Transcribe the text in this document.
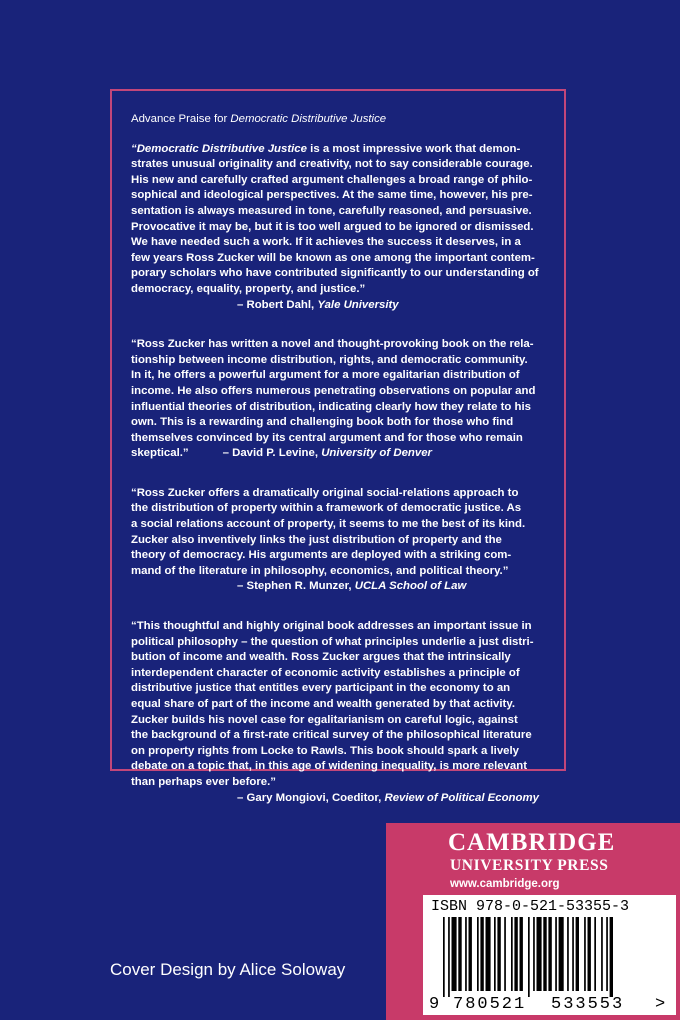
Advance Praise for Democratic Distributive Justice
“Democratic Distributive Justice is a most impressive work that demon-
strates unusual originality and creativity, not to say considerable courage.
His new and carefully crafted argument challenges a broad range of philo-
sophical and ideological perspectives. At the same time, however, his pre-
sentation is always measured in tone, carefully reasoned, and persuasive.
Provocative it may be, but it is too well argued to be ignored or dismissed.
We have needed such a work. If it achieves the success it deserves, in a
few years Ross Zucker will be known as one among the important contem-
porary scholars who have contributed significantly to our understanding of
democracy, equality, property, and justice.”
– Robert Dahl, Yale University
“Ross Zucker has written a novel and thought-provoking book on the rela-
tionship between income distribution, rights, and democratic community.
In it, he offers a powerful argument for a more egalitarian distribution of
income. He also offers numerous penetrating observations on popular and
influential theories of distribution, indicating clearly how they relate to his
own. This is a rewarding and challenging book both for those who find
themselves convinced by its central argument and for those who remain
skeptical.”	– David P. Levine, University of Denver
“Ross Zucker offers a dramatically original social-relations approach to
the distribution of property within a framework of democratic justice. As
a social relations account of property, it seems to me the best of its kind.
Zucker also inventively links the just distribution of property and the
theory of democracy. His arguments are deployed with a striking com-
mand of the literature in philosophy, economics, and political theory.”
– Stephen R. Munzer, UCLA School of Law
“This thoughtful and highly original book addresses an important issue in
political philosophy – the question of what principles underlie a just distri-
bution of income and wealth. Ross Zucker argues that the intrinsically
interdependent character of economic activity establishes a principle of
distributive justice that entitles every participant in the economy to an
equal share of part of the income and wealth generated by that activity.
Zucker builds his novel case for egalitarianism on careful logic, against
the background of a first-rate critical survey of the philosophical literature
on property rights from Locke to Rawls. This book should spark a lively
debate on a topic that, in this age of widening inequality, is more relevant
than perhaps ever before.”
– Gary Mongiovi, Coeditor, Review of Political Economy
Cover Design by Alice Soloway
CAMBRIDGE
UNIVERSITY PRESS
www.cambridge.org
ISBN 978-0-521-53355-3
9 780521 533553 >
